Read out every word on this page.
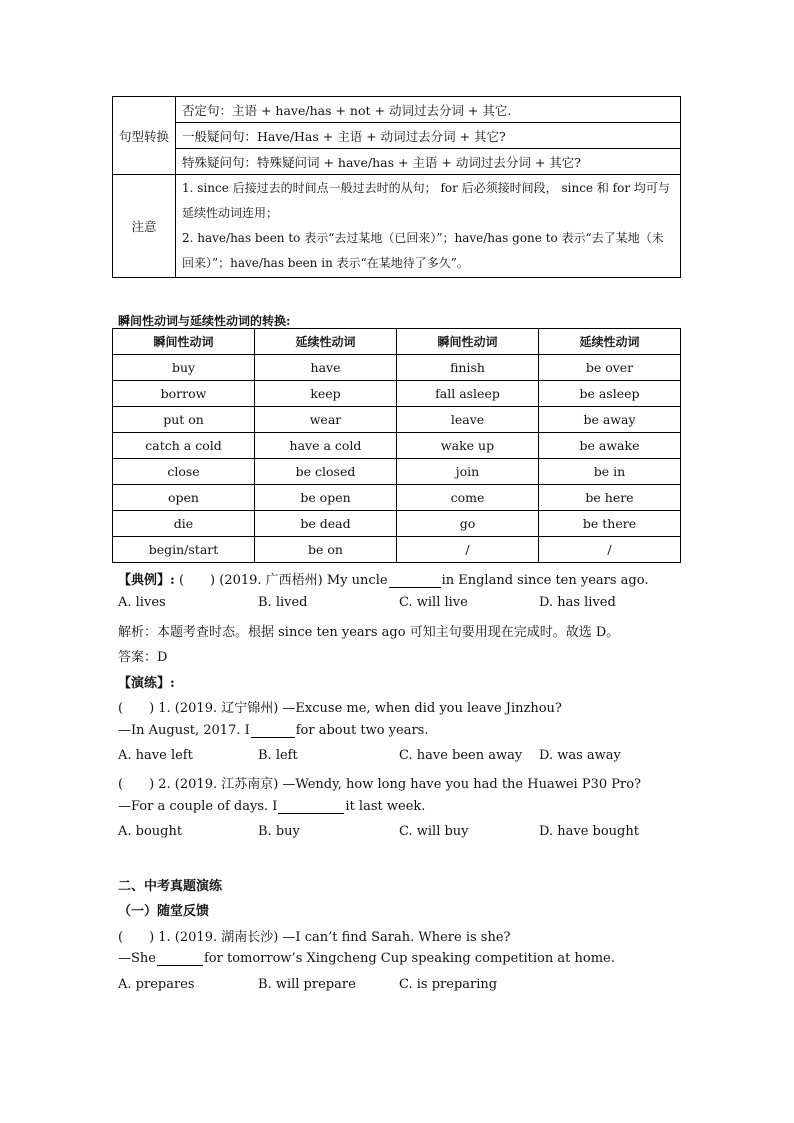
句型转换	否定句：主语 + have/has + not + 动词过去分词 + 其它.
	一般疑问句：Have/Has + 主语 + 动词过去分词 + 其它?
	特殊疑问句：特殊疑问词 + have/has + 主语 + 动词过去分词 + 其它?
注意	1. since 后接过去的时间点一般过去时的从句； for 后必须接时间段， since 和 for 均可与延续性动词连用；

2. have/has been to 表示“去过某地（已回来）”；have/has gone to 表示“去了某地（未回来）”；have/has been in 表示“在某地待了多久”。

瞬间性动词与延续性动词的转换:
瞬间性动词	延续性动词	瞬间性动词	延续性动词
buy	have	finish	be over
borrow	keep	fall asleep	be asleep
put on	wear	leave	be away
catch a cold	have a cold	wake up	be awake
close	be closed	join	be in
open	be open	come	be here
die	be dead	go	be there
begin/start	be on	/	/
【典例】: (　　) (2019. 广西梧州) My uncle	in England since ten years ago.
A. lives	B. lived	C. will live	D. has lived
解析：本题考查时态。根据 since ten years ago 可知主句要用现在完成时。故选 D。
答案：D
【演练】:
(　　) 1. (2019. 辽宁锦州) —Excuse me, when did you leave Jinzhou?
—In August, 2017. I	for about two years.
A. have left	B. left	C. have been away D. was away
(　　) 2. (2019. 江苏南京) —Wendy, how long have you had the Huawei P30 Pro?
—For a couple of days. I	it last week.
A. bought	B. buy	C. will buy	D. have bought
二、中考真题演练
（一）随堂反馈
(　　) 1. (2019. 湖南长沙) —I can’t find Sarah. Where is she?
—She	for tomorrow’s Xingcheng Cup speaking competition at home.
A. prepares	B. will prepare	C. is preparing
